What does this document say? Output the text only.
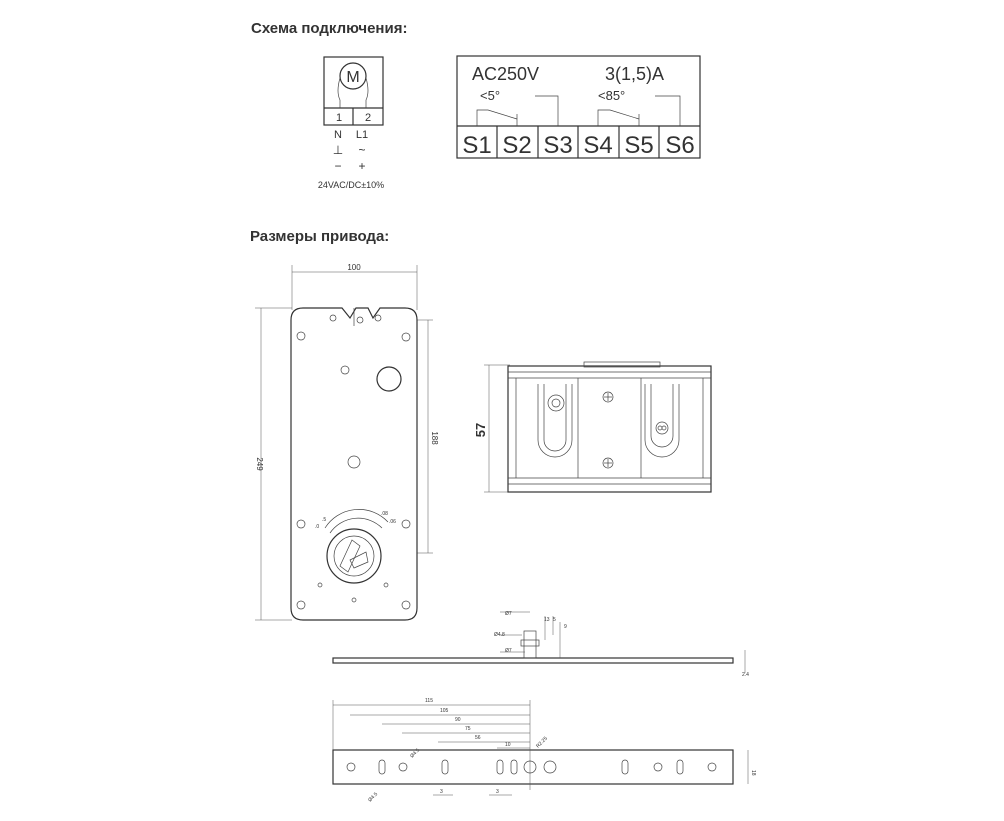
Схема подключения:
Размеры привода:
M
1 2
N L1
⊥ ~
− +
24VAC/DC±10%
AC250V	3(1,5)A
<5°	<85°
S1 S2 S3 S4 S5 S6
100
249
188
.5
.0
.08
.06
57
Ø7
Ø4.8
Ø7
13 5
9
2.4
115
105
90
75
56
10
Ø4.5
R2.25
3	3
18
Ø4.5
